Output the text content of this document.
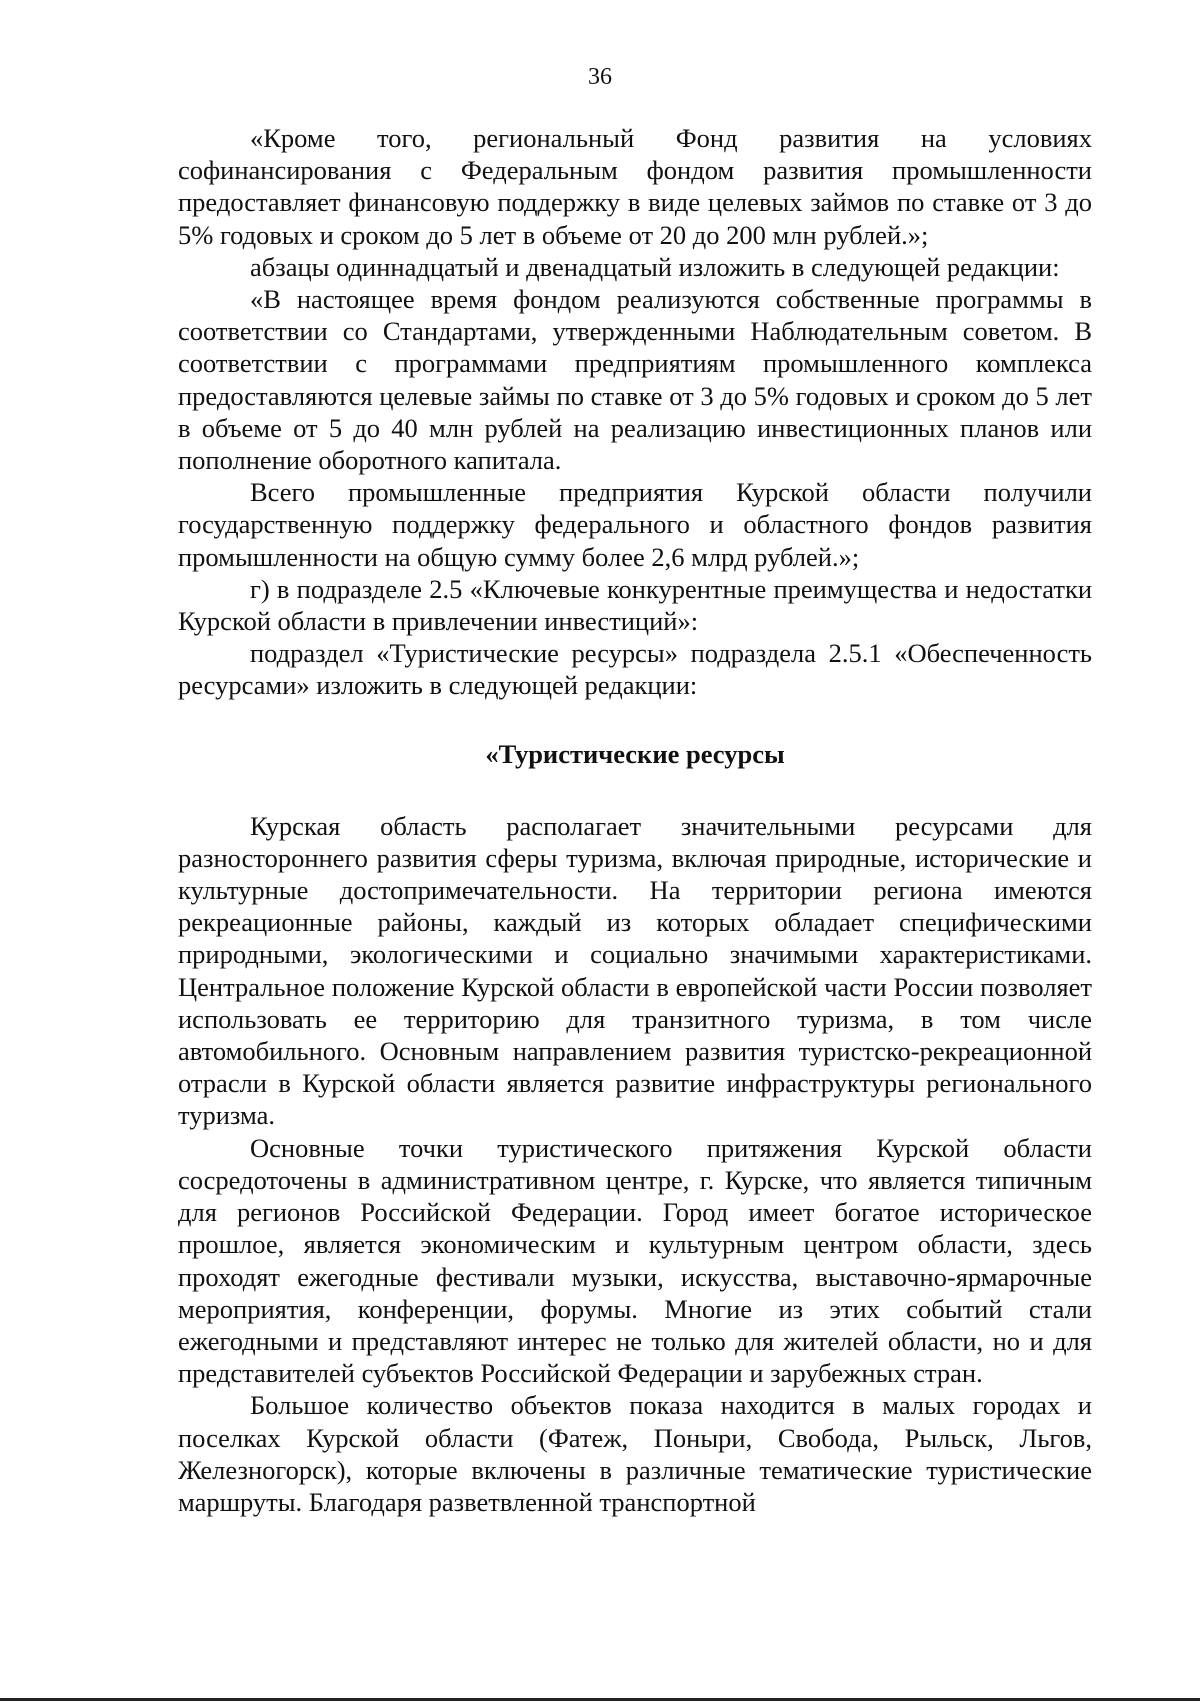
36

«Кроме того, региональный Фонд развития на условиях софинансирования с Федеральным фондом развития промышленности предоставляет финансовую поддержку в виде целевых займов по ставке от 3 до 5% годовых и сроком до 5 лет в объеме от 20 до 200 млн рублей.»;

абзацы одиннадцатый и двенадцатый изложить в следующей редакции:

«В настоящее время фондом реализуются собственные программы в соответствии со Стандартами, утвержденными Наблюдательным советом. В соответствии с программами предприятиям промышленного комплекса предоставляются целевые займы по ставке от 3 до 5% годовых и сроком до 5 лет в объеме от 5 до 40 млн рублей на реализацию инвестиционных планов или пополнение оборотного капитала.

Всего промышленные предприятия Курской области получили государственную поддержку федерального и областного фондов развития промышленности на общую сумму более 2,6 млрд рублей.»;

г) в подразделе 2.5 «Ключевые конкурентные преимущества и недостатки Курской области в привлечении инвестиций»:

подраздел «Туристические ресурсы» подраздела 2.5.1 «Обеспеченность ресурсами» изложить в следующей редакции:

«Туристические ресурсы

Курская область располагает значительными ресурсами для разностороннего развития сферы туризма, включая природные, исторические и культурные достопримечательности. На территории региона имеются рекреационные районы, каждый из которых обладает специфическими природными, экологическими и социально значимыми характеристиками. Центральное положение Курской области в европейской части России позволяет использовать ее территорию для транзитного туризма, в том числе автомобильного. Основным направлением развития туристско-рекреационной отрасли в Курской области является развитие инфраструктуры регионального туризма.

Основные точки туристического притяжения Курской области сосредоточены в административном центре, г. Курске, что является типичным для регионов Российской Федерации. Город имеет богатое историческое прошлое, является экономическим и культурным центром области, здесь проходят ежегодные фестивали музыки, искусства, выставочно-ярмарочные мероприятия, конференции, форумы. Многие из этих событий стали ежегодными и представляют интерес не только для жителей области, но и для представителей субъектов Российской Федерации и зарубежных стран.

Большое количество объектов показа находится в малых городах и поселках Курской области (Фатеж, Поныри, Свобода, Рыльск, Льгов, Железногорск), которые включены в различные тематические туристические маршруты. Благодаря разветвленной транспортной
